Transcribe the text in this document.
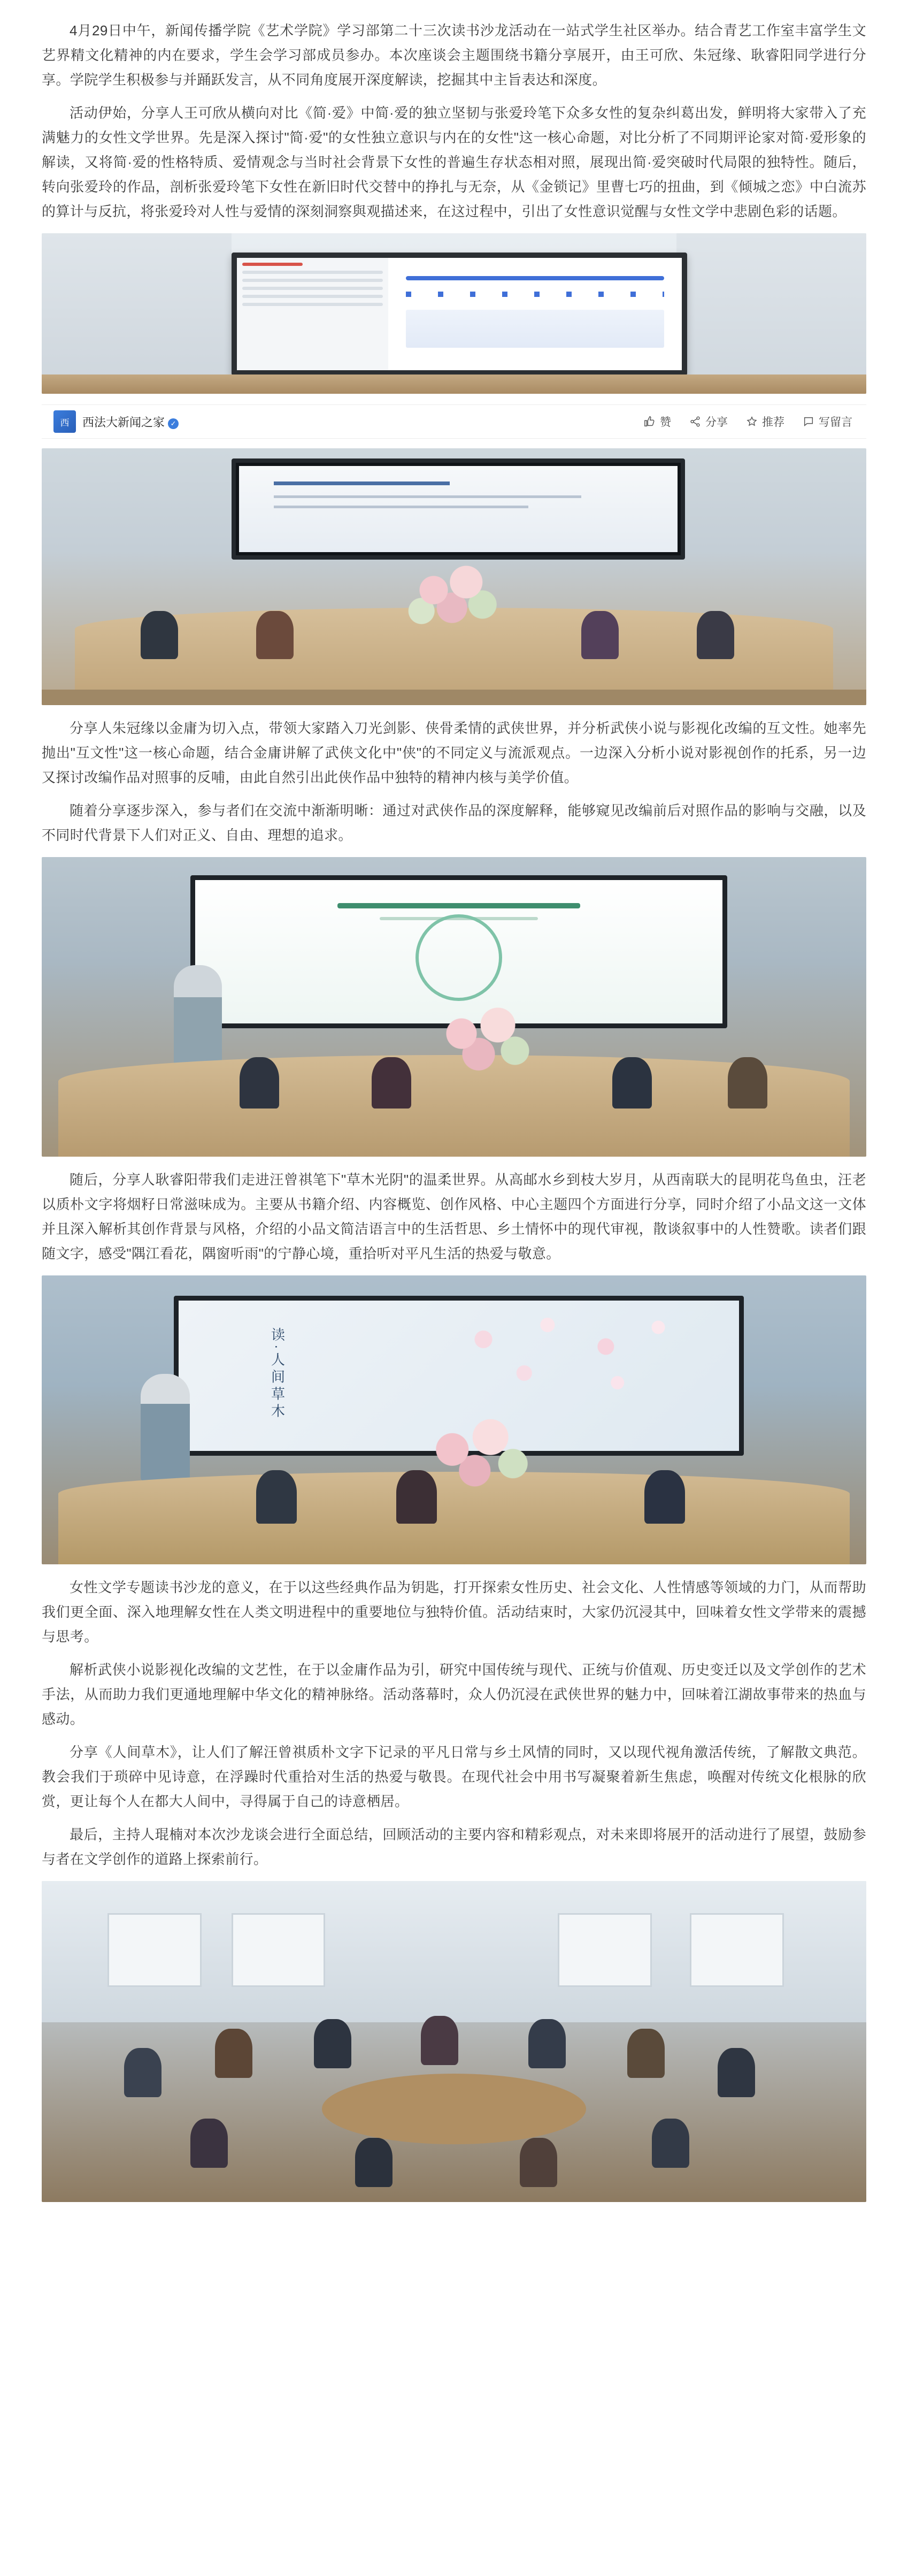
4月29日中午，新闻传播学院《艺术学院》学习部第二十三次读书沙龙活动在一站式学生社区举办。结合青艺工作室丰富学生文艺界精文化精神的内在要求，学生会学习部成员参办。本次座谈会主题围绕书籍分享展开，由王可欣、朱冠缘、耿睿阳同学进行分享。学院学生积极参与并踊跃发言，从不同角度展开深度解读，挖掘其中主旨表达和深度。

活动伊始，分享人王可欣从横向对比《简·爱》中简·爱的独立坚韧与张爱玲笔下众多女性的复杂纠葛出发，鲜明将大家带入了充满魅力的女性文学世界。先是深入探讨"简·爱"的女性独立意识与内在的女性"这一核心命题，对比分析了不同期评论家对简·爱形象的解读，又将简·爱的性格特质、爱情观念与当时社会背景下女性的普遍生存状态相对照，展现出简·爱突破时代局限的独特性。随后，转向张爱玲的作品，剖析张爱玲笔下女性在新旧时代交替中的挣扎与无奈，从《金锁记》里曹七巧的扭曲，到《倾城之恋》中白流苏的算计与反抗，将张爱玲对人性与爱情的深刻洞察與观描述来，在这过程中，引出了女性意识觉醒与女性文学中悲剧色彩的话题。

西	西法大新闻之家 ✓	赞	分享	推荐	写留言

分享人朱冠缘以金庸为切入点，带领大家踏入刀光剑影、侠骨柔情的武侠世界，并分析武侠小说与影视化改编的互文性。她率先抛出"互文性"这一核心命题，结合金庸讲解了武侠文化中"侠"的不同定义与流派观点。一边深入分析小说对影视创作的托系，另一边又探讨改编作品对照事的反哺，由此自然引出此侠作品中独特的精神内核与美学价值。

随着分享逐步深入，参与者们在交流中渐渐明晰：通过对武侠作品的深度解释，能够窥见改编前后对照作品的影响与交融，以及不同时代背景下人们对正义、自由、理想的追求。

随后，分享人耿睿阳带我们走进汪曾祺笔下"草木光阴"的温柔世界。从高邮水乡到枝大岁月，从西南联大的昆明花鸟鱼虫，汪老以质朴文字将烟籽日常滋味成为。主要从书籍介绍、内容概览、创作风格、中心主题四个方面进行分享，同时介绍了小品文这一文体并且深入解析其创作背景与风格，介绍的小品文简洁语言中的生活哲思、乡土情怀中的现代审视，散谈叙事中的人性赞歌。读者们跟随文字，感受"隅江看花，隅窗听雨"的宁静心境，重拾听对平凡生活的热爱与敬意。

读·人间草木

女性文学专题读书沙龙的意义，在于以这些经典作品为钥匙，打开探索女性历史、社会文化、人性情感等领域的力门，从而帮助我们更全面、深入地理解女性在人类文明进程中的重要地位与独特价值。活动结束时，大家仍沉浸其中，回味着女性文学带来的震撼与思考。

解析武侠小说影视化改编的文艺性，在于以金庸作品为引，研究中国传统与现代、正统与价值观、历史变迁以及文学创作的艺术手法，从而助力我们更通地理解中华文化的精神脉络。活动落幕时，众人仍沉浸在武侠世界的魅力中，回味着江湖故事带来的热血与感动。

分享《人间草木》，让人们了解汪曾祺质朴文字下记录的平凡日常与乡土风情的同时，又以现代视角激活传统，了解散文典范。教会我们于琐碎中见诗意，在浮躁时代重拾对生活的热爱与敬畏。在现代社会中用书写凝聚着新生焦虑，唤醒对传统文化根脉的欣赏，更让每个人在都大人间中，寻得属于自己的诗意栖居。

最后，主持人琨楠对本次沙龙谈会进行全面总结，回顾活动的主要内容和精彩观点，对未来即将展开的活动进行了展望，鼓励参与者在文学创作的道路上探索前行。
